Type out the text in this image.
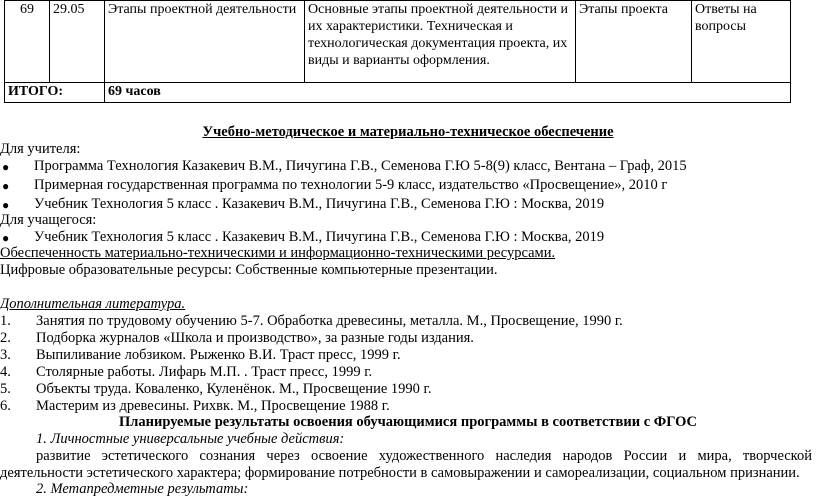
69	29.05	Этапы проектной деятельности	Основные этапы проектной деятельности и их характеристики. Техническая и технологическая документация проекта, их виды и варианты оформления.	Этапы проекта	Ответы на вопросы
ИТОГО:		69 часов			
Учебно-методическое и материально-техническое обеспечение
Для учителя:
● Программа Технология Казакевич В.М., Пичугина Г.В., Семенова Г.Ю 5-8(9) класс, Вентана – Граф, 2015
● Примерная государственная программа по технологии 5-9 класс, издательство «Просвещение», 2010 г
● Учебник Технология 5 класс . Казакевич В.М., Пичугина Г.В., Семенова Г.Ю : Москва, 2019
Для учащегося:
● Учебник Технология 5 класс . Казакевич В.М., Пичугина Г.В., Семенова Г.Ю : Москва, 2019
Обеспеченность материально-техническими и информационно-техническими ресурсами.
Цифровые образовательные ресурсы: Собственные компьютерные презентации.
Дополнительная литература.
1. Занятия по трудовому обучению 5-7. Обработка древесины, металла. М., Просвещение, 1990 г.
2. Подборка журналов «Школа и производство», за разные годы издания.
3. Выпиливание лобзиком. Рыженко В.И. Траст пресс, 1999 г.
4. Столярные работы. Лифарь М.П. . Траст пресс, 1999 г.
5. Объекты труда. Коваленко, Куленёнок. М., Просвещение 1990 г.
6. Мастерим из древесины. Рихвк. М., Просвещение 1988 г.
Планируемые результаты освоения обучающимися программы в соответствии с ФГОС
1. Личностные универсальные учебные действия:
развитие эстетического сознания через освоение художественного наследия народов России и мира, творческой
деятельности эстетического характера; формирование потребности в самовыражении и самореализации, социальном признании.
2. Метапредметные результаты:
